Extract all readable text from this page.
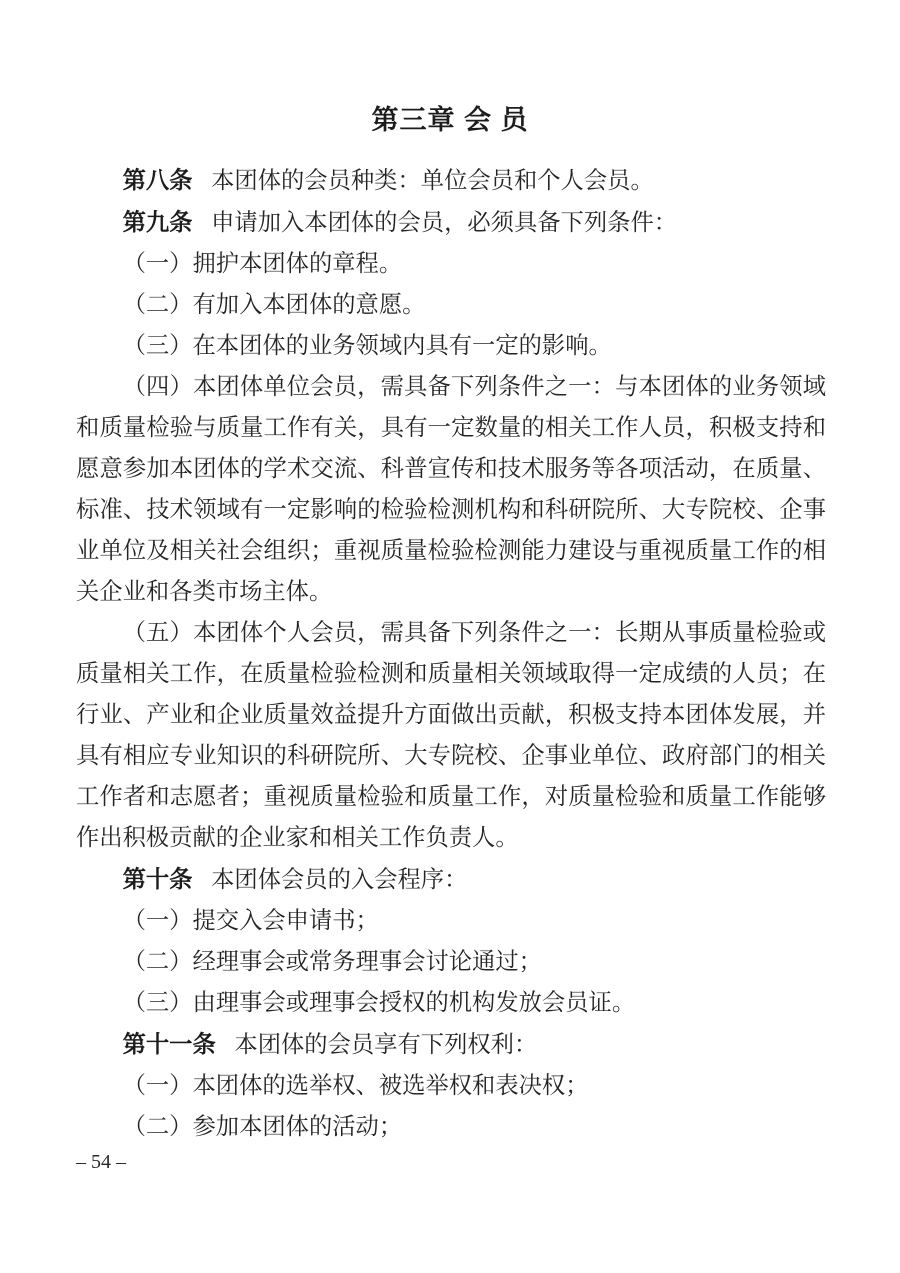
第三章 会 员

第八条 本团体的会员种类：单位会员和个人会员。

第九条 申请加入本团体的会员，必须具备下列条件：

（一）拥护本团体的章程。

（二）有加入本团体的意愿。

（三）在本团体的业务领域内具有一定的影响。

（四）本团体单位会员，需具备下列条件之一：与本团体的业务领域和质量检验与质量工作有关，具有一定数量的相关工作人员，积极支持和愿意参加本团体的学术交流、科普宣传和技术服务等各项活动，在质量、标准、技术领域有一定影响的检验检测机构和科研院所、大专院校、企事业单位及相关社会组织；重视质量检验检测能力建设与重视质量工作的相关企业和各类市场主体。

（五）本团体个人会员，需具备下列条件之一：长期从事质量检验或质量相关工作，在质量检验检测和质量相关领域取得一定成绩的人员；在行业、产业和企业质量效益提升方面做出贡献，积极支持本团体发展，并具有相应专业知识的科研院所、大专院校、企事业单位、政府部门的相关工作者和志愿者；重视质量检验和质量工作，对质量检验和质量工作能够作出积极贡献的企业家和相关工作负责人。

第十条 本团体会员的入会程序：

（一）提交入会申请书；

（二）经理事会或常务理事会讨论通过；

（三）由理事会或理事会授权的机构发放会员证。

第十一条 本团体的会员享有下列权利：

（一）本团体的选举权、被选举权和表决权；

（二）参加本团体的活动；

– 54 –
